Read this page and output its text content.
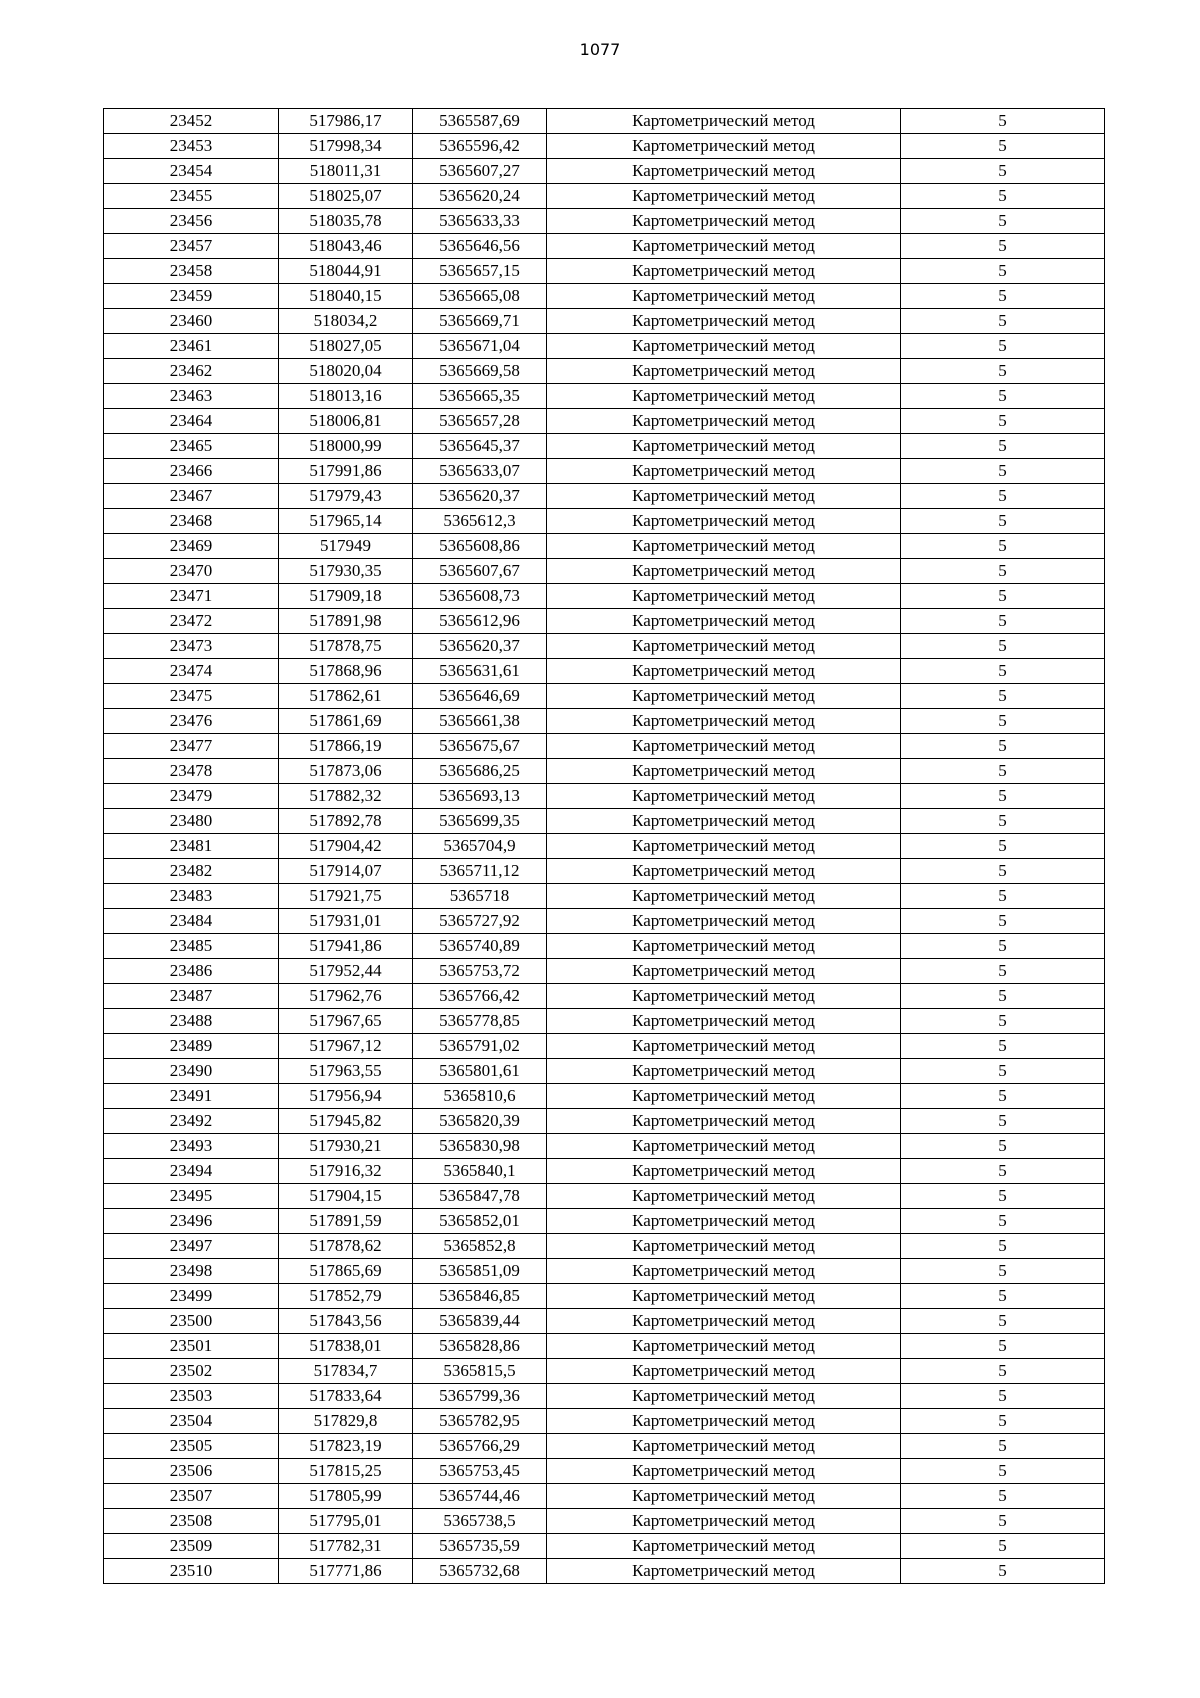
1077
23452	517986,17	5365587,69	Картометрический метод	5
23453	517998,34	5365596,42	Картометрический метод	5
23454	518011,31	5365607,27	Картометрический метод	5
23455	518025,07	5365620,24	Картометрический метод	5
23456	518035,78	5365633,33	Картометрический метод	5
23457	518043,46	5365646,56	Картометрический метод	5
23458	518044,91	5365657,15	Картометрический метод	5
23459	518040,15	5365665,08	Картометрический метод	5
23460	518034,2	5365669,71	Картометрический метод	5
23461	518027,05	5365671,04	Картометрический метод	5
23462	518020,04	5365669,58	Картометрический метод	5
23463	518013,16	5365665,35	Картометрический метод	5
23464	518006,81	5365657,28	Картометрический метод	5
23465	518000,99	5365645,37	Картометрический метод	5
23466	517991,86	5365633,07	Картометрический метод	5
23467	517979,43	5365620,37	Картометрический метод	5
23468	517965,14	5365612,3	Картометрический метод	5
23469	517949	5365608,86	Картометрический метод	5
23470	517930,35	5365607,67	Картометрический метод	5
23471	517909,18	5365608,73	Картометрический метод	5
23472	517891,98	5365612,96	Картометрический метод	5
23473	517878,75	5365620,37	Картометрический метод	5
23474	517868,96	5365631,61	Картометрический метод	5
23475	517862,61	5365646,69	Картометрический метод	5
23476	517861,69	5365661,38	Картометрический метод	5
23477	517866,19	5365675,67	Картометрический метод	5
23478	517873,06	5365686,25	Картометрический метод	5
23479	517882,32	5365693,13	Картометрический метод	5
23480	517892,78	5365699,35	Картометрический метод	5
23481	517904,42	5365704,9	Картометрический метод	5
23482	517914,07	5365711,12	Картометрический метод	5
23483	517921,75	5365718	Картометрический метод	5
23484	517931,01	5365727,92	Картометрический метод	5
23485	517941,86	5365740,89	Картометрический метод	5
23486	517952,44	5365753,72	Картометрический метод	5
23487	517962,76	5365766,42	Картометрический метод	5
23488	517967,65	5365778,85	Картометрический метод	5
23489	517967,12	5365791,02	Картометрический метод	5
23490	517963,55	5365801,61	Картометрический метод	5
23491	517956,94	5365810,6	Картометрический метод	5
23492	517945,82	5365820,39	Картометрический метод	5
23493	517930,21	5365830,98	Картометрический метод	5
23494	517916,32	5365840,1	Картометрический метод	5
23495	517904,15	5365847,78	Картометрический метод	5
23496	517891,59	5365852,01	Картометрический метод	5
23497	517878,62	5365852,8	Картометрический метод	5
23498	517865,69	5365851,09	Картометрический метод	5
23499	517852,79	5365846,85	Картометрический метод	5
23500	517843,56	5365839,44	Картометрический метод	5
23501	517838,01	5365828,86	Картометрический метод	5
23502	517834,7	5365815,5	Картометрический метод	5
23503	517833,64	5365799,36	Картометрический метод	5
23504	517829,8	5365782,95	Картометрический метод	5
23505	517823,19	5365766,29	Картометрический метод	5
23506	517815,25	5365753,45	Картометрический метод	5
23507	517805,99	5365744,46	Картометрический метод	5
23508	517795,01	5365738,5	Картометрический метод	5
23509	517782,31	5365735,59	Картометрический метод	5
23510	517771,86	5365732,68	Картометрический метод	5
